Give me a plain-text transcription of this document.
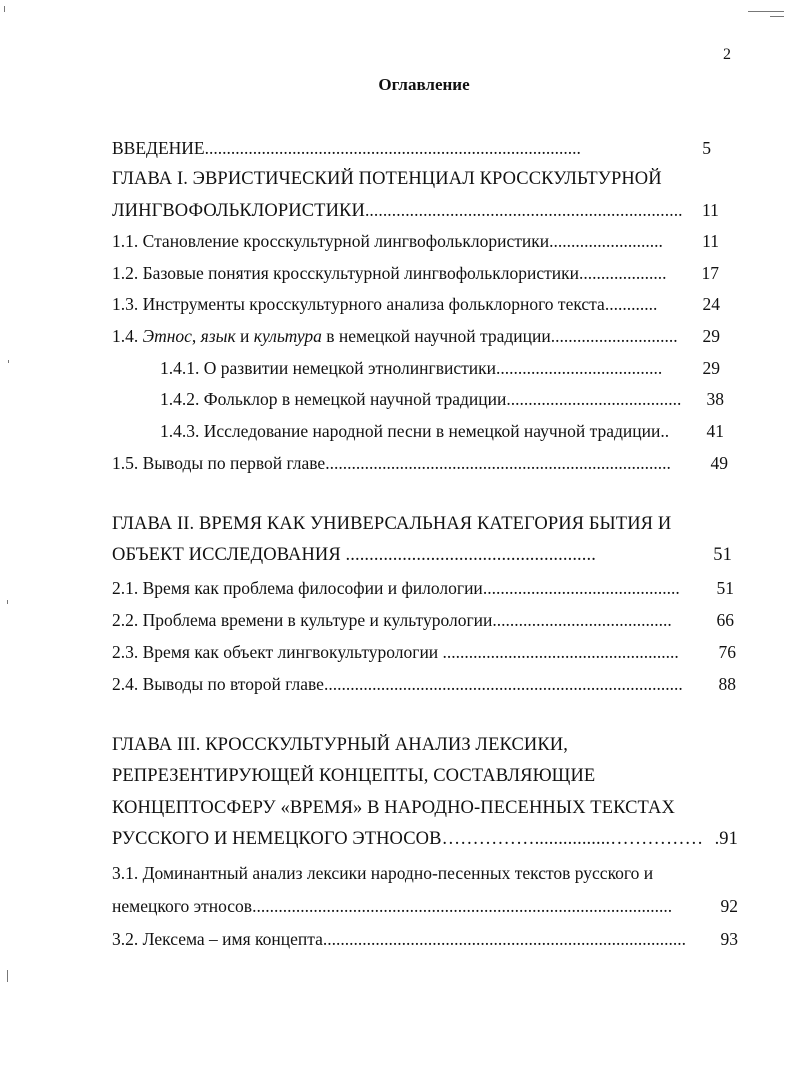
2
Оглавление
ВВЕДЕНИЕ......................................................................................	5
ГЛАВА I. ЭВРИСТИЧЕСКИЙ ПОТЕНЦИАЛ КРОССКУЛЬТУРНОЙ
ЛИНГВОФОЛЬКЛОРИСТИКИ....................................................................... 11
1.1. Становление кросскультурной лингвофольклористики.......................... 11
1.2. Базовые понятия кросскультурной лингвофольклористики.................... 17
1.3. Инструменты кросскультурного анализа фольклорного текста............	24
1.4. Этнос, язык и культура в немецкой научной традиции............................. 29
1.4.1. О развитии немецкой этнолингвистики...................................... 29
1.4.2. Фольклор в немецкой научной традиции........................................ 38
1.4.3. Исследование народной песни в немецкой научной традиции.. 41
1.5. Выводы по первой главе............................................................................... 49
ГЛАВА II. ВРЕМЯ КАК УНИВЕРСАЛЬНАЯ КАТЕГОРИЯ БЫТИЯ И
ОБЪЕКТ ИССЛЕДОВАНИЯ .....................................................	51
2.1. Время как проблема философии и филологии............................................. 51
2.2. Проблема времени в культуре и культурологии.........................................	66
2.3. Время как объект лингвокультурологии ...................................................... 76
2.4. Выводы по второй главе.................................................................................. 88
ГЛАВА III. КРОССКУЛЬТУРНЫЙ АНАЛИЗ ЛЕКСИКИ,
РЕПРЕЗЕНТИРУЮЩЕЙ КОНЦЕПТЫ, СОСТАВЛЯЮЩИЕ
КОНЦЕПТОСФЕРУ «ВРЕМЯ» В НАРОДНО-ПЕСЕННЫХ ТЕКСТАХ
РУССКОГО И НЕМЕЦКОГО ЭТНОСОВ……………................…………… .91
3.1. Доминантный анализ лексики народно-песенных текстов русского и
немецкого этносов................................................................................................	92
3.2. Лексема – имя концепта................................................................................... 93
